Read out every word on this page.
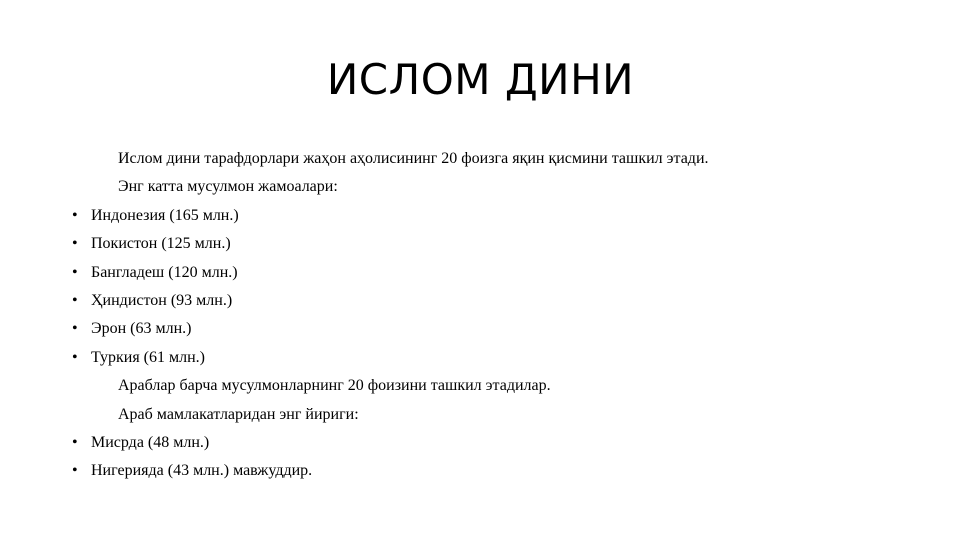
ИСЛОМ ДИНИ
Ислом дини тарафдорлари жаҳон аҳолисининг 20 фоизга яқин қисмини ташкил этади.
Энг катта мусулмон жамоалари:
• Индонезия (165 млн.)
• Покистон (125 млн.)
• Бангладеш (120 млн.)
• Ҳиндистон (93 млн.)
• Эрон (63 млн.)
• Туркия (61 млн.)
Араблар барча мусулмонларнинг 20 фоизини ташкил этадилар.
Араб мамлакатларидан энг йириги:
• Мисрда (48 млн.)
• Нигерияда (43 млн.) мавжуддир.
